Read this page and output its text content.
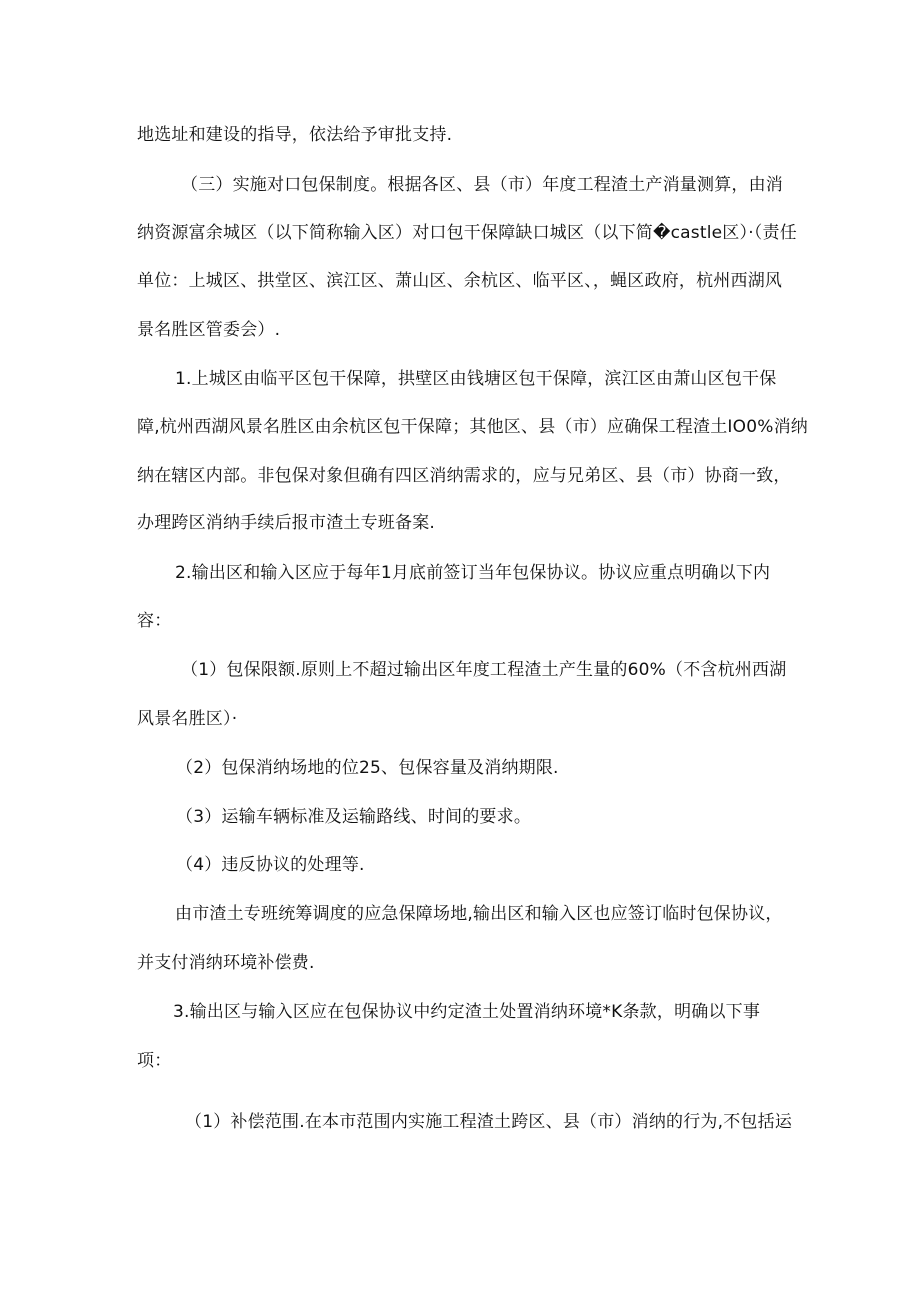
地选址和建设的指导，依法给予审批支持.
（三）实施对口包保制度。根据各区、县（市）年度工程渣土产消量测算，由消
纳资源富余城区（以下简称输入区）对口包干保障缺口城区（以下简�castle区）·（责任
单位：上城区、拱堂区、滨江区、萧山区、余杭区、临平区、，蝇区政府，杭州西湖风
景名胜区管委会）.
1.上城区由临平区包干保障，拱壁区由钱塘区包干保障，滨江区由萧山区包干保
障,杭州西湖风景名胜区由余杭区包干保障；其他区、县（市）应确保工程渣土IO0%消纳
纳在辖区内部。非包保对象但确有四区消纳需求的，应与兄弟区、县（市）协商一致，
办理跨区消纳手续后报市渣土专班备案.
2.输出区和输入区应于每年1月底前签订当年包保协议。协议应重点明确以下内
容：
（1）包保限额.原则上不超过输出区年度工程渣土产生量的60%（不含杭州西湖
风景名胜区）·
（2）包保消纳场地的位25、包保容量及消纳期限.
（3）运输车辆标准及运输路线、时间的要求。
（4）违反协议的处理等.
由市渣土专班统筹调度的应急保障场地,输出区和输入区也应签订临时包保协议，
并支付消纳环境补偿费.
3.输出区与输入区应在包保协议中约定渣土处置消纳环境*K条款，明确以下事
项：
（1）补偿范围.在本市范围内实施工程渣土跨区、县（市）消纳的行为,不包括运
